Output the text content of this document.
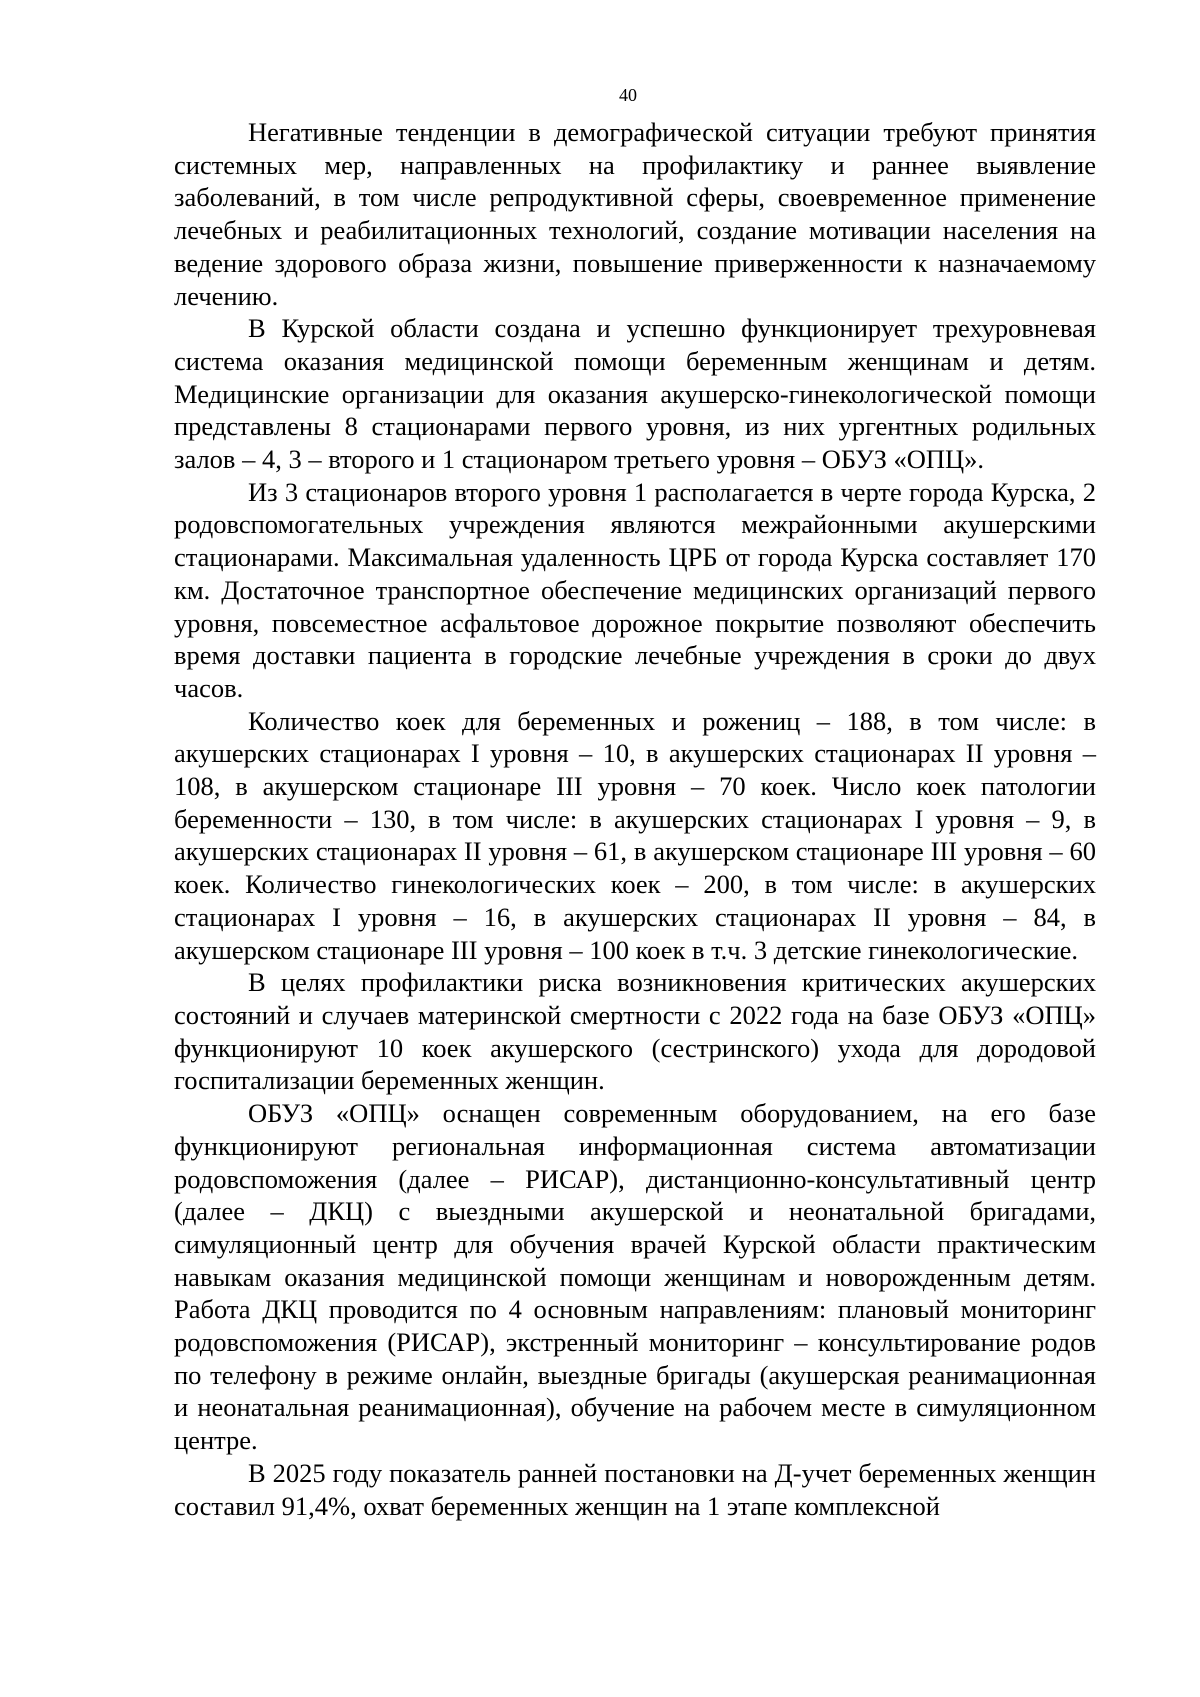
40

Негативные тенденции в демографической ситуации требуют принятия системных мер, направленных на профилактику и раннее выявление заболеваний, в том числе репродуктивной сферы, своевременное применение лечебных и реабилитационных технологий, создание мотивации населения на ведение здорового образа жизни, повышение приверженности к назначаемому лечению.

В Курской области создана и успешно функционирует трехуровневая система оказания медицинской помощи беременным женщинам и детям. Медицинские организации для оказания акушерско-гинекологической помощи представлены 8 стационарами первого уровня, из них ургентных родильных залов – 4, 3 – второго и 1 стационаром третьего уровня – ОБУЗ «ОПЦ».

Из 3 стационаров второго уровня 1 располагается в черте города Курска, 2 родовспомогательных учреждения являются межрайонными акушерскими стационарами. Максимальная удаленность ЦРБ от города Курска составляет 170 км. Достаточное транспортное обеспечение медицинских организаций первого уровня, повсеместное асфальтовое дорожное покрытие позволяют обеспечить время доставки пациента в городские лечебные учреждения в сроки до двух часов.

Количество коек для беременных и рожениц – 188, в том числе: в акушерских стационарах I уровня – 10, в акушерских стационарах II уровня – 108, в акушерском стационаре III уровня – 70 коек. Число коек патологии беременности – 130, в том числе: в акушерских стационарах I уровня – 9, в акушерских стационарах II уровня – 61, в акушерском стационаре III уровня – 60 коек. Количество гинекологических коек – 200, в том числе: в акушерских стационарах I уровня – 16, в акушерских стационарах II уровня – 84, в акушерском стационаре III уровня – 100 коек в т.ч. 3 детские гинекологические.

В целях профилактики риска возникновения критических акушерских состояний и случаев материнской смертности с 2022 года на базе ОБУЗ «ОПЦ» функционируют 10 коек акушерского (сестринского) ухода для дородовой госпитализации беременных женщин.

ОБУЗ «ОПЦ» оснащен современным оборудованием, на его базе функционируют региональная информационная система автоматизации родовспоможения (далее – РИСАР), дистанционно-консультативный центр (далее – ДКЦ) с выездными акушерской и неонатальной бригадами, симуляционный центр для обучения врачей Курской области практическим навыкам оказания медицинской помощи женщинам и новорожденным детям. Работа ДКЦ проводится по 4 основным направлениям: плановый мониторинг родовспоможения (РИСАР), экстренный мониторинг – консультирование родов по телефону в режиме онлайн, выездные бригады (акушерская реанимационная и неонатальная реанимационная), обучение на рабочем месте в симуляционном центре.

В 2025 году показатель ранней постановки на Д-учет беременных женщин составил 91,4%, охват беременных женщин на 1 этапе комплексной
